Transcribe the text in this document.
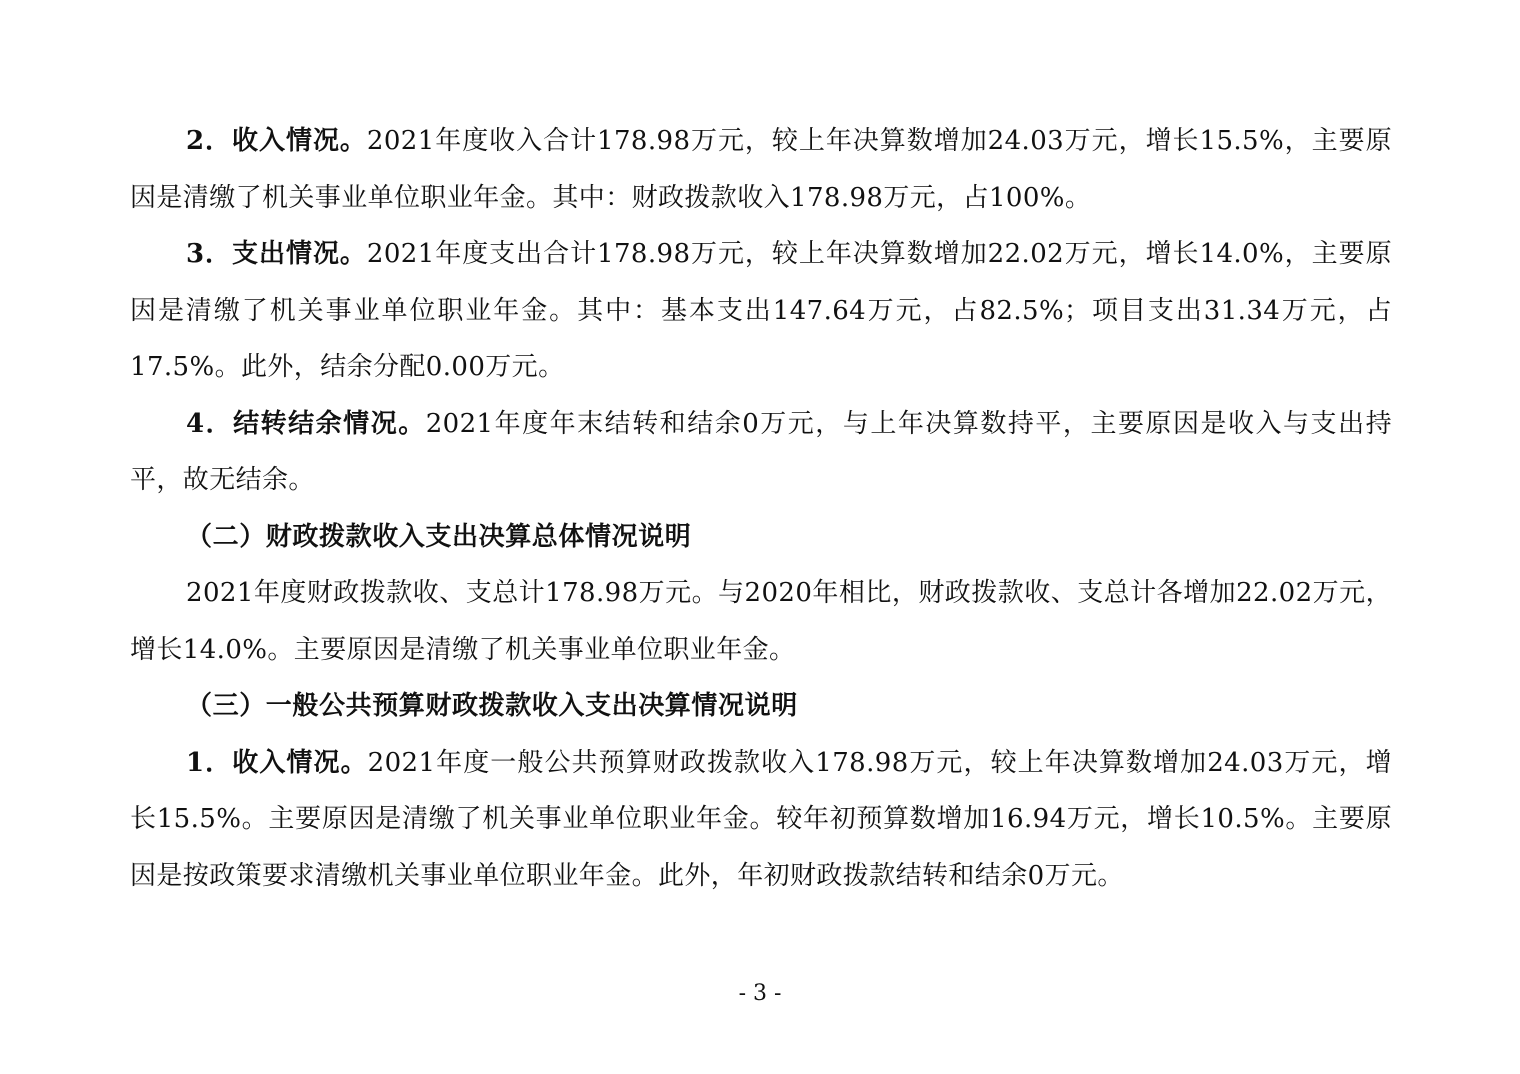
2．收入情况。2021年度收入合计178.98万元，较上年决算数增加24.03万元，增长15.5%，主要原因是清缴了机关事业单位职业年金。其中：财政拨款收入178.98万元，占100%。

3．支出情况。2021年度支出合计178.98万元，较上年决算数增加22.02万元，增长14.0%，主要原因是清缴了机关事业单位职业年金。其中：基本支出147.64万元，占82.5%；项目支出31.34万元，占17.5%。此外，结余分配0.00万元。

4．结转结余情况。2021年度年末结转和结余0万元，与上年决算数持平，主要原因是收入与支出持平，故无结余。

（二）财政拨款收入支出决算总体情况说明

2021年度财政拨款收、支总计178.98万元。与2020年相比，财政拨款收、支总计各增加22.02万元，增长14.0%。主要原因是清缴了机关事业单位职业年金。

（三）一般公共预算财政拨款收入支出决算情况说明

1．收入情况。2021年度一般公共预算财政拨款收入178.98万元，较上年决算数增加24.03万元，增长15.5%。主要原因是清缴了机关事业单位职业年金。较年初预算数增加16.94万元，增长10.5%。主要原因是按政策要求清缴机关事业单位职业年金。此外，年初财政拨款结转和结余0万元。

- 3 -
